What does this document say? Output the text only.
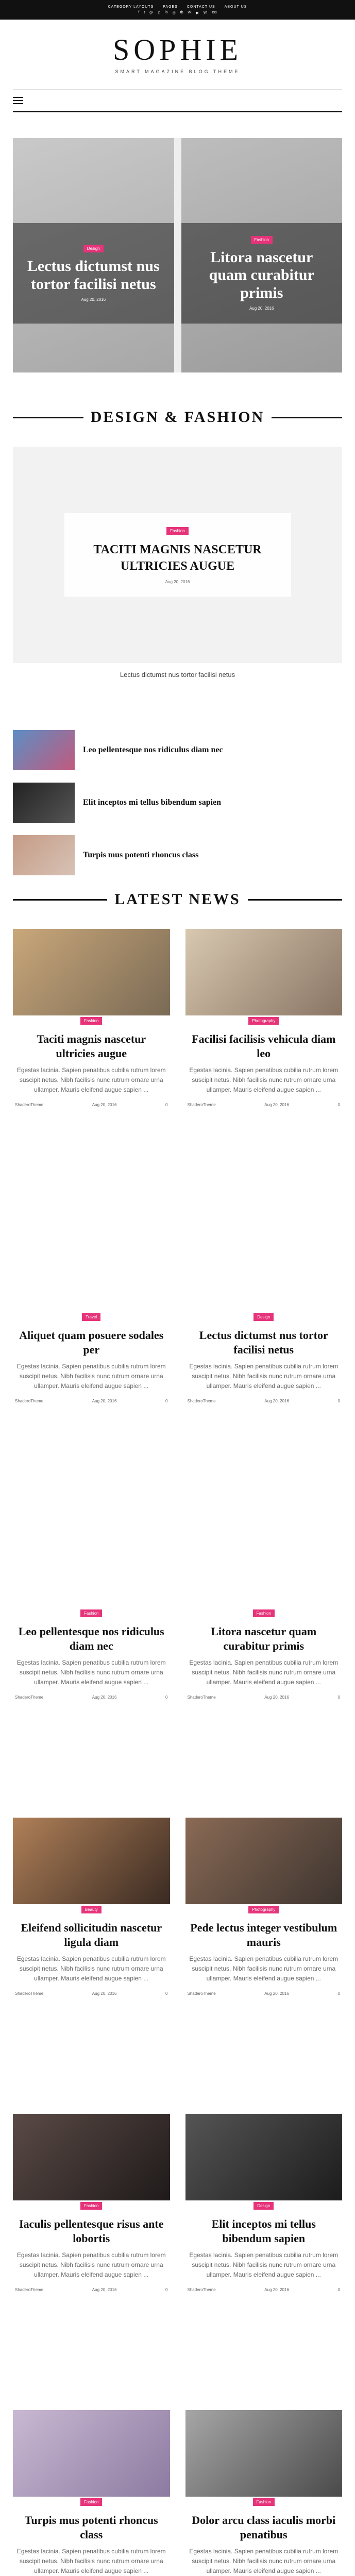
CATEGORY LAYOUTS	PAGES	CONTACT US	ABOUT US
f t g+ p in ◎ tb vk ▶ ya rss
SOPHIE
SMART MAGAZINE BLOG THEME
Design
Lectus dictumst nus tortor facilisi netus
Aug 20, 2016
Fashion
Litora nascetur quam curabitur primis
Aug 20, 2016
DESIGN & FASHION
Fashion
TACITI MAGNIS NASCETUR ULTRICIES AUGUE
Aug 20, 2016
Lectus dictumst nus tortor facilisi netus
Leo pellentesque nos ridiculus diam nec
Elit inceptos mi tellus bibendum sapien
Turpis mus potenti rhoncus class
LATEST NEWS
Fashion
Taciti magnis nascetur ultricies augue
Egestas lacinia. Sapien penatibus cubilia rutrum lorem suscipit netus. Nibh facilisis nunc rutrum ornare urna ullamper. Mauris eleifend augue sapien ...
ShaderoTheme	Aug 20, 2016	0
Photography
Facilisi facilisis vehicula diam leo
Egestas lacinia. Sapien penatibus cubilia rutrum lorem suscipit netus. Nibh facilisis nunc rutrum ornare urna ullamper. Mauris eleifend augue sapien ...
ShaderoTheme	Aug 20, 2016	0
Travel
Aliquet quam posuere sodales per
Egestas lacinia. Sapien penatibus cubilia rutrum lorem suscipit netus. Nibh facilisis nunc rutrum ornare urna ullamper. Mauris eleifend augue sapien ...
ShaderoTheme	Aug 20, 2016	0
Design
Lectus dictumst nus tortor facilisi netus
Egestas lacinia. Sapien penatibus cubilia rutrum lorem suscipit netus. Nibh facilisis nunc rutrum ornare urna ullamper. Mauris eleifend augue sapien ...
ShaderoTheme	Aug 20, 2016	0
Fashion
Leo pellentesque nos ridiculus diam nec
Egestas lacinia. Sapien penatibus cubilia rutrum lorem suscipit netus. Nibh facilisis nunc rutrum ornare urna ullamper. Mauris eleifend augue sapien ...
ShaderoTheme	Aug 20, 2016	0
Fashion
Litora nascetur quam curabitur primis
Egestas lacinia. Sapien penatibus cubilia rutrum lorem suscipit netus. Nibh facilisis nunc rutrum ornare urna ullamper. Mauris eleifend augue sapien ...
ShaderoTheme	Aug 20, 2016	0
Beauty
Eleifend sollicitudin nascetur ligula diam
Egestas lacinia. Sapien penatibus cubilia rutrum lorem suscipit netus. Nibh facilisis nunc rutrum ornare urna ullamper. Mauris eleifend augue sapien ...
ShaderoTheme	Aug 20, 2016	0
Photography
Pede lectus integer vestibulum mauris
Egestas lacinia. Sapien penatibus cubilia rutrum lorem suscipit netus. Nibh facilisis nunc rutrum ornare urna ullamper. Mauris eleifend augue sapien ...
ShaderoTheme	Aug 20, 2016	0
Fashion
Iaculis pellentesque risus ante lobortis
Egestas lacinia. Sapien penatibus cubilia rutrum lorem suscipit netus. Nibh facilisis nunc rutrum ornare urna ullamper. Mauris eleifend augue sapien ...
ShaderoTheme	Aug 20, 2016	0
Design
Elit inceptos mi tellus bibendum sapien
Egestas lacinia. Sapien penatibus cubilia rutrum lorem suscipit netus. Nibh facilisis nunc rutrum ornare urna ullamper. Mauris eleifend augue sapien ...
ShaderoTheme	Aug 20, 2016	0
Fashion
Turpis mus potenti rhoncus class
Egestas lacinia. Sapien penatibus cubilia rutrum lorem suscipit netus. Nibh facilisis nunc rutrum ornare urna ullamper. Mauris eleifend augue sapien ...
Fashion
Dolor arcu class iaculis morbi penatibus
Egestas lacinia. Sapien penatibus cubilia rutrum lorem suscipit netus. Nibh facilisis nunc rutrum ornare urna ullamper. Mauris eleifend augue sapien ...
